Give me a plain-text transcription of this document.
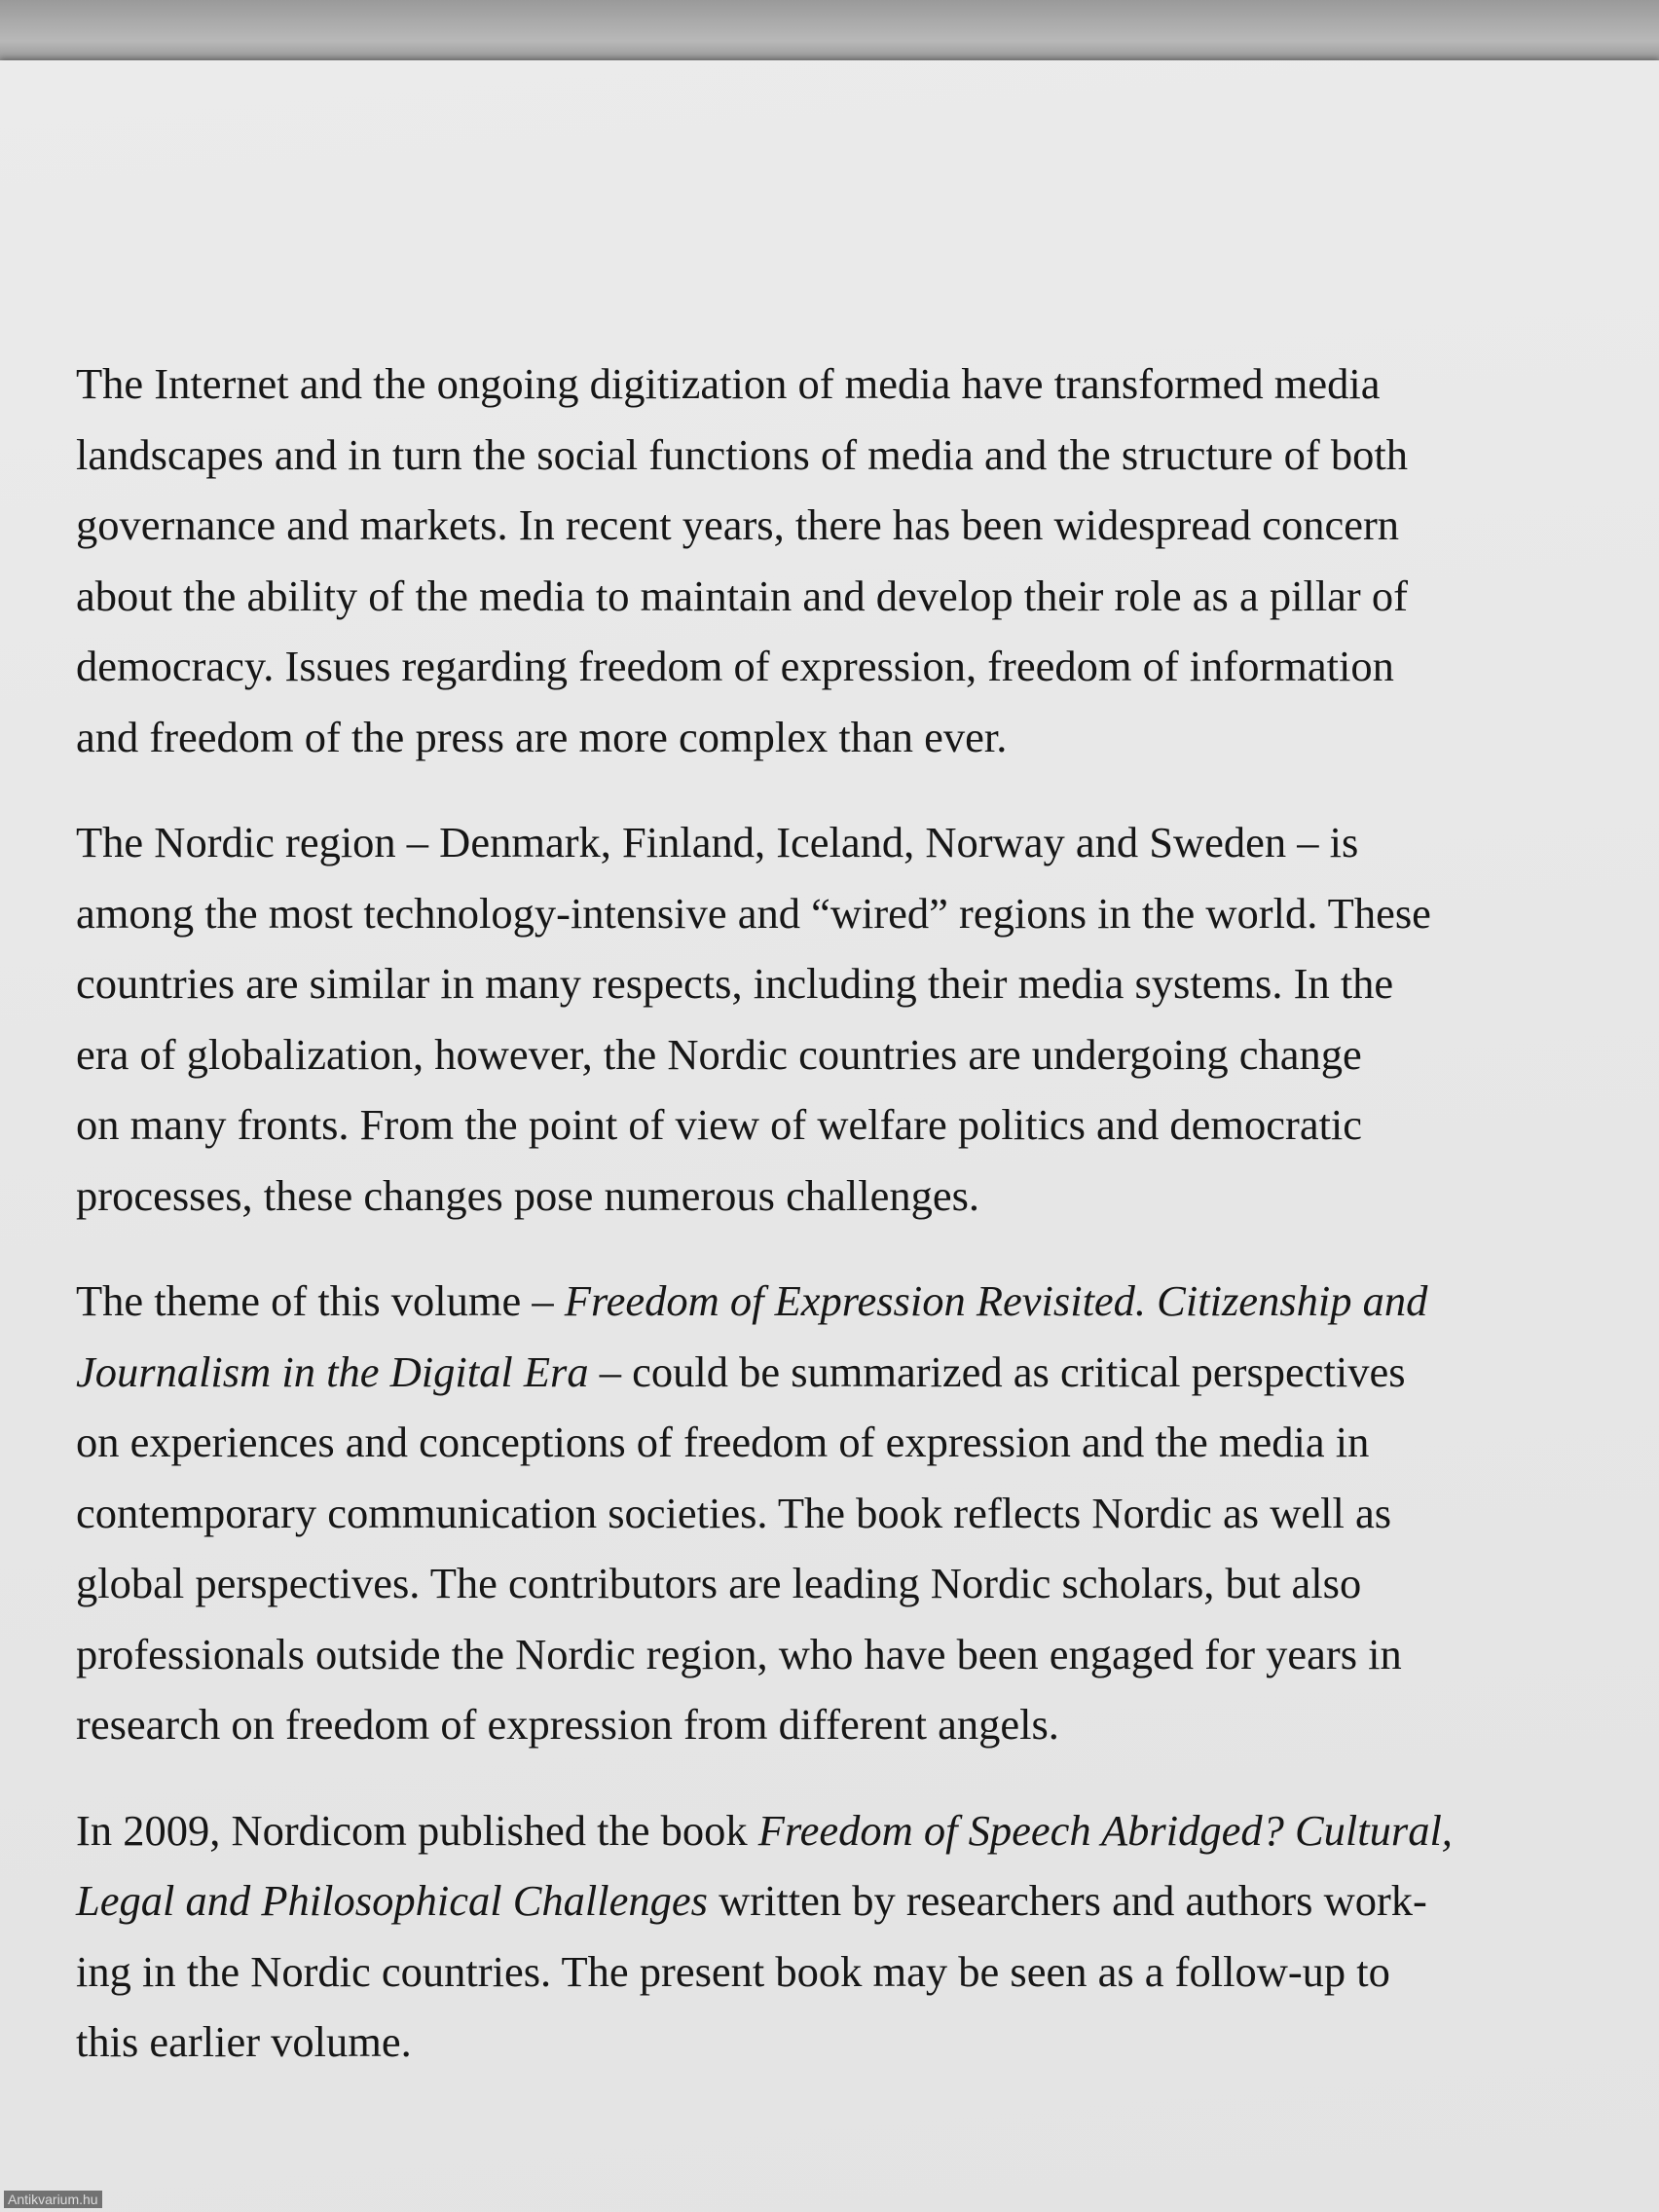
The Internet and the ongoing digitization of media have transformed media
landscapes and in turn the social functions of media and the structure of both
governance and markets. In recent years, there has been widespread concern
about the ability of the media to maintain and develop their role as a pillar of
democracy. Issues regarding freedom of expression, freedom of information
and freedom of the press are more complex than ever.

The Nordic region – Denmark, Finland, Iceland, Norway and Sweden – is
among the most technology-intensive and “wired” regions in the world. These
countries are similar in many respects, including their media systems. In the
era of globalization, however, the Nordic countries are undergoing change
on many fronts. From the point of view of welfare politics and democratic
processes, these changes pose numerous challenges.

The theme of this volume – Freedom of Expression Revisited. Citizenship and
Journalism in the Digital Era – could be summarized as critical perspectives
on experiences and conceptions of freedom of expression and the media in
contemporary communication societies. The book reflects Nordic as well as
global perspectives. The contributors are leading Nordic scholars, but also
professionals outside the Nordic region, who have been engaged for years in
research on freedom of expression from different angels.

In 2009, Nordicom published the book Freedom of Speech Abridged? Cultural,
Legal and Philosophical Challenges written by researchers and authors work-
ing in the Nordic countries. The present book may be seen as a follow-up to
this earlier volume.

Antikvarium.hu
